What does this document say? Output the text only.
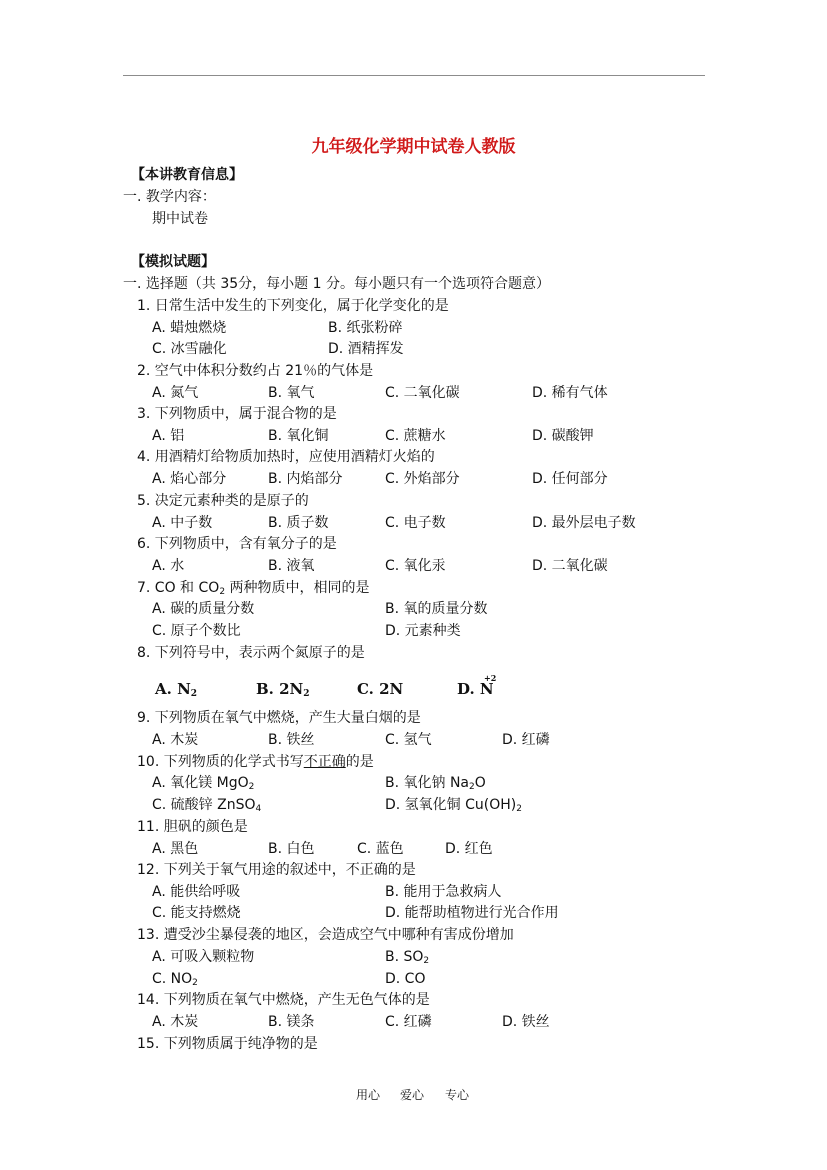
九年级化学期中试卷人教版
【本讲教育信息】
一. 教学内容：
期中试卷
【模拟试题】
一. 选择题（共 35分，每小题 1 分。每小题只有一个选项符合题意）
1. 日常生活中发生的下列变化，属于化学变化的是
A. 蜡烛燃烧	B. 纸张粉碎
C. 冰雪融化	D. 酒精挥发
2. 空气中体积分数约占 21％的气体是
A. 氮气	B. 氧气	C. 二氧化碳	D. 稀有气体
3. 下列物质中，属于混合物的是
A. 铝	B. 氧化铜	C. 蔗糖水	D. 碳酸钾
4. 用酒精灯给物质加热时，应使用酒精灯火焰的
A. 焰心部分	B. 内焰部分	C. 外焰部分	D. 任何部分
5. 决定元素种类的是原子的
A. 中子数	B. 质子数	C. 电子数	D. 最外层电子数
6. 下列物质中，含有氧分子的是
A. 水	B. 液氧	C. 氧化汞	D. 二氧化碳
7. CO 和 $CO_2$ 两种物质中，相同的是
A. 碳的质量分数	B. 氧的质量分数
C. 原子个数比	D. 元素种类
8. 下列符号中，表示两个氮原子的是
A. $N_2$	B. $2N_2$	C. 2N	D. N
+2
9. 下列物质在氧气中燃烧，产生大量白烟的是
A. 木炭	B. 铁丝	C. 氢气	D. 红磷
10. 下列物质的化学式书写不正确的是
A. 氧化镁 MgO$_2$	B. 氧化钠 $Na_2O$
C. 硫酸锌 ZnSO$_4$	D. 氢氧化铜 $Cu(OH)_2$
11. 胆矾的颜色是
A. 黑色	B. 白色	C. 蓝色	D. 红色
12. 下列关于氧气用途的叙述中，不正确的是
A. 能供给呼吸	B. 能用于急救病人
C. 能支持燃烧	D. 能帮助植物进行光合作用
13. 遭受沙尘暴侵袭的地区，会造成空气中哪种有害成份增加
A. 可吸入颗粒物	B. $SO_2$
C. $NO_2$	D. CO
14. 下列物质在氧气中燃烧，产生无色气体的是
A. 木炭	B. 镁条	C. 红磷	D. 铁丝
15. 下列物质属于纯净物的是
用心 爱心 专心
